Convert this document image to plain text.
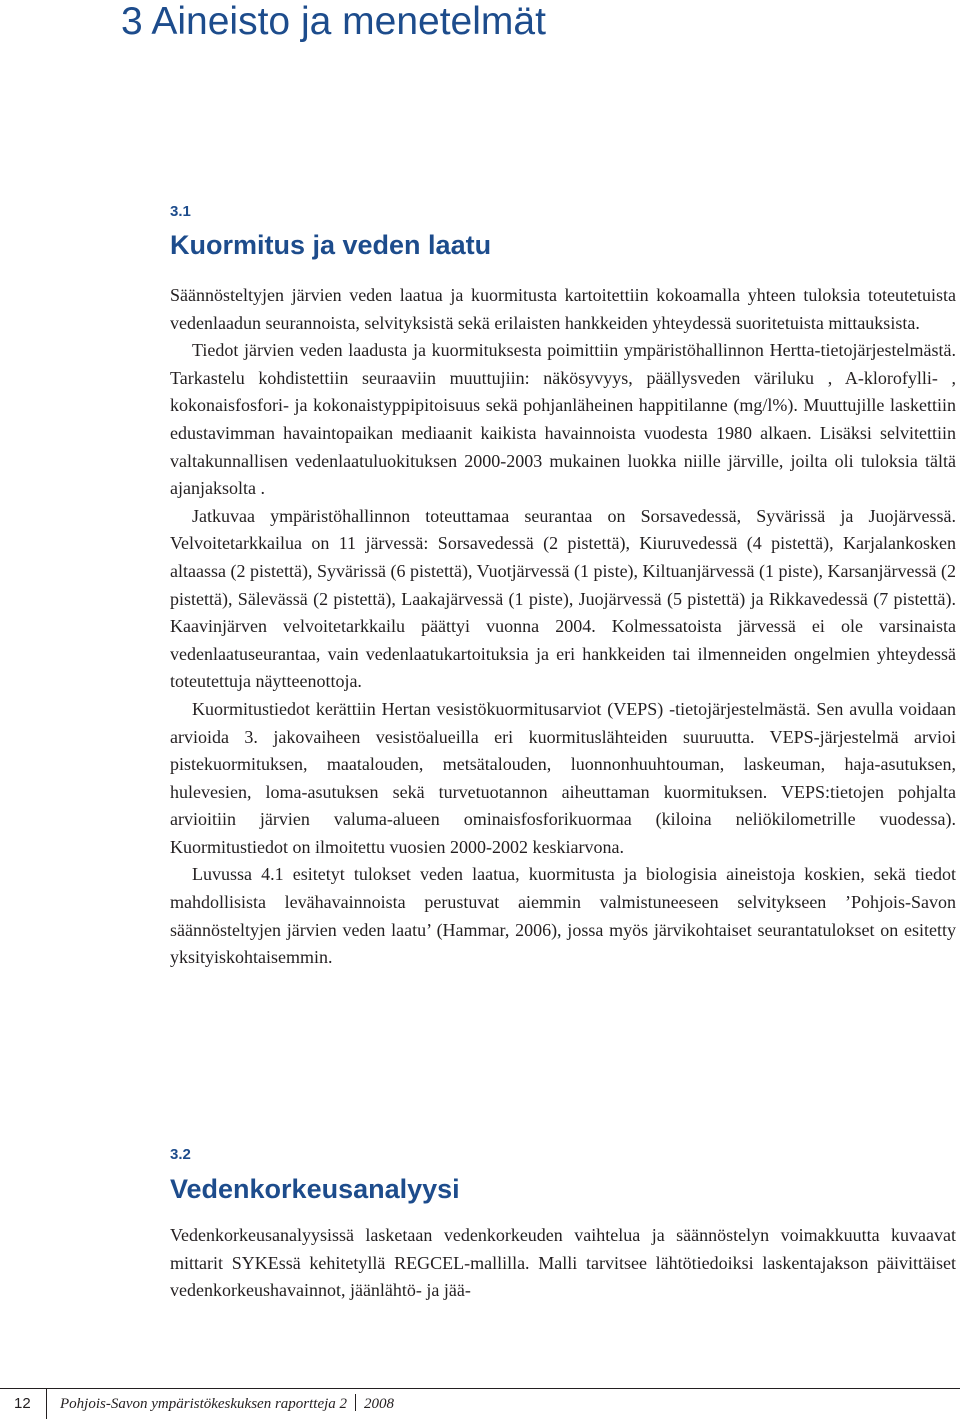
3 Aineisto ja menetelmät
3.1
Kuormitus ja veden laatu

Säännösteltyjen järvien veden laatua ja kuormitusta kartoitettiin kokoamalla yhteen tuloksia toteutetuista vedenlaadun seurannoista, selvityksistä sekä erilaisten hankkeiden yhteydessä suoritetuista mittauksista.

Tiedot järvien veden laadusta ja kuormituksesta poimittiin ympäristöhallinnon Hertta-tietojärjestelmästä. Tarkastelu kohdistettiin seuraaviin muuttujiin: näkösyvyys, päällysveden väriluku , A-klorofylli- , kokonaisfosfori- ja kokonaistyppipitoisuus sekä pohjanläheinen happitilanne (mg/l%). Muuttujille laskettiin edustavimman havaintopaikan mediaanit kaikista havainnoista vuodesta 1980 alkaen. Lisäksi selvitettiin valtakunnallisen vedenlaatuluokituksen 2000-2003 mukainen luokka niille järville, joilta oli tuloksia tältä ajanjaksolta .

Jatkuvaa ympäristöhallinnon toteuttamaa seurantaa on Sorsavedessä, Syvärissä ja Juojärvessä. Velvoitetarkkailua on 11 järvessä: Sorsavedessä (2 pistettä), Kiuruvedessä (4 pistettä), Karjalankosken altaassa (2 pistettä), Syvärissä (6 pistettä), Vuotjärvessä (1 piste), Kiltuanjärvessä (1 piste), Karsanjärvessä (2 pistettä), Sälevässä (2 pistettä), Laakajärvessä (1 piste), Juojärvessä (5 pistettä) ja Rikkavedessä (7 pistettä). Kaavinjärven velvoitetarkkailu päättyi vuonna 2004. Kolmessatoista järvessä ei ole varsinaista vedenlaatuseurantaa, vain vedenlaatukartoituksia ja eri hankkeiden tai ilmenneiden ongelmien yhteydessä toteutettuja näytteenottoja.

Kuormitustiedot kerättiin Hertan vesistökuormitusarviot (VEPS) -tietojärjestelmästä. Sen avulla voidaan arvioida 3. jakovaiheen vesistöalueilla eri kuormituslähteiden suuruutta. VEPS-järjestelmä arvioi pistekuormituksen, maatalouden, metsätalouden, luonnonhuuhtouman, laskeuman, haja-asutuksen, hulevesien, loma-asutuksen sekä turvetuotannon aiheuttaman kuormituksen. VEPS:tietojen pohjalta arvioitiin järvien valuma-alueen ominaisfosforikuormaa (kiloina neliökilometrille vuodessa). Kuormitustiedot on ilmoitettu vuosien 2000-2002 keskiarvona.

Luvussa 4.1 esitetyt tulokset veden laatua, kuormitusta ja biologisia aineistoja koskien, sekä tiedot mahdollisista levähavainnoista perustuvat aiemmin valmistuneeseen selvitykseen ’Pohjois-Savon säännösteltyjen järvien veden laatu’ (Hammar, 2006), jossa myös järvikohtaiset seurantatulokset on esitetty yksityiskohtaisemmin.

3.2
Vedenkorkeusanalyysi

Vedenkorkeusanalyysissä lasketaan vedenkorkeuden vaihtelua ja säännöstelyn voimakkuutta kuvaavat mittarit SYKEssä kehitetyllä REGCEL-mallilla. Malli tarvitsee lähtötiedoiksi laskentajakson päivittäiset vedenkorkeushavainnot, jäänlähtö- ja jää-

12 Pohjois-Savon ympäristökeskuksen raportteja 2 2008
